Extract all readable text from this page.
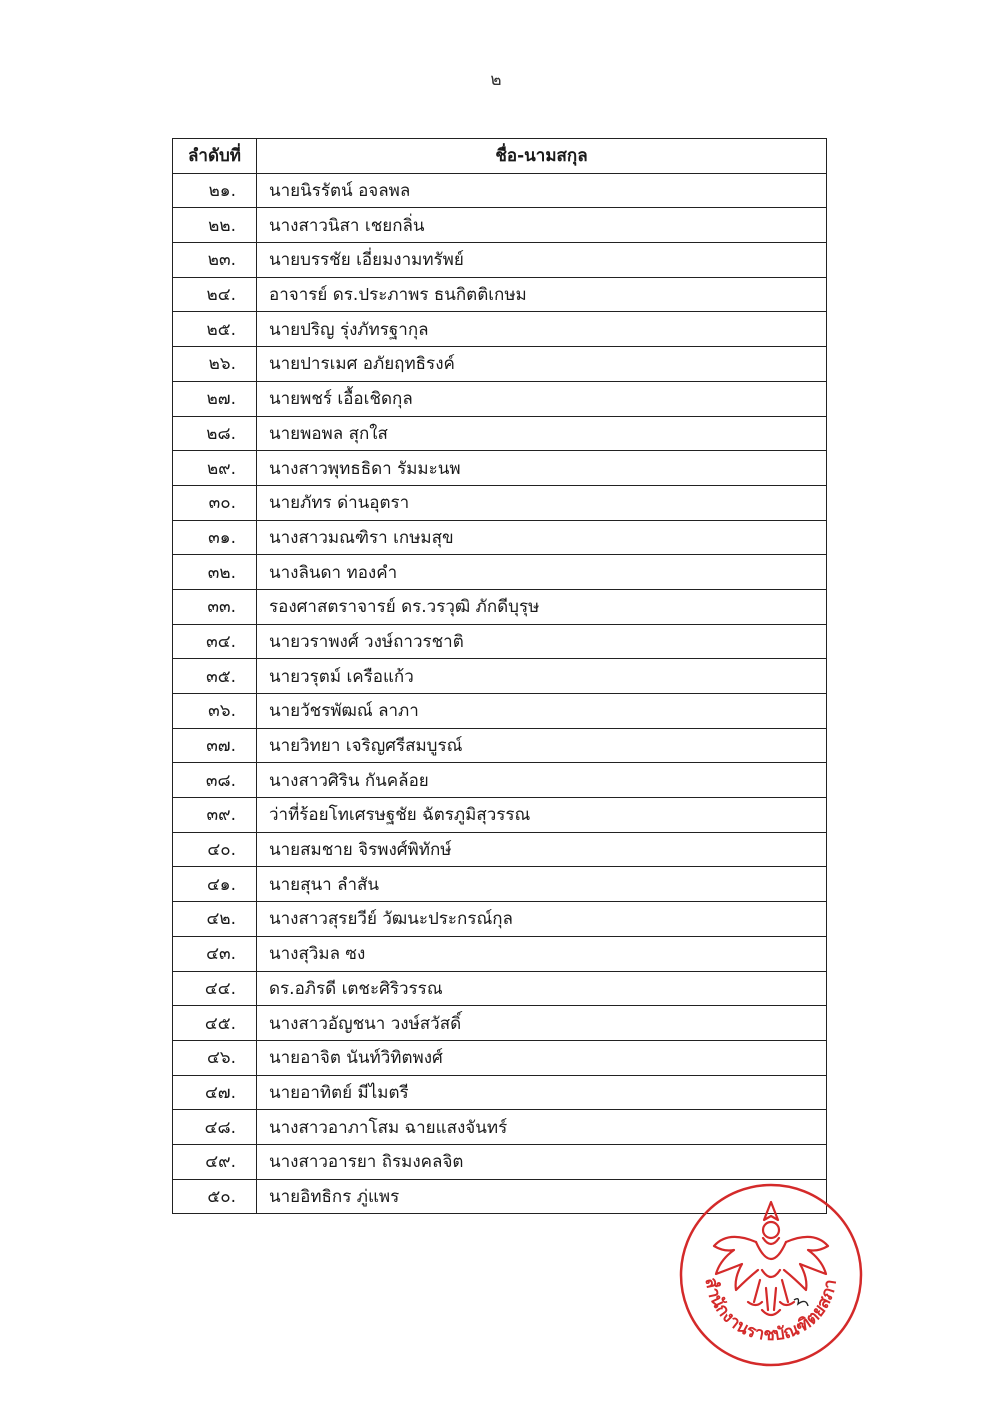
๒
ลำดับที่	ชื่อ-นามสกุล
๒๑.	นายนิรรัตน์ อจลพล
๒๒.	นางสาวนิสา เชยกลิ่น
๒๓.	นายบรรชัย เอี่ยมงามทรัพย์
๒๔.	อาจารย์ ดร.ประภาพร ธนกิตติเกษม
๒๕.	นายปริญ รุ่งภัทรฐากุล
๒๖.	นายปารเมศ อภัยฤทธิรงค์
๒๗.	นายพชร์ เอื้อเชิดกุล
๒๘.	นายพอพล สุกใส
๒๙.	นางสาวพุทธธิดา รัมมะนพ
๓๐.	นายภัทร ด่านอุตรา
๓๑.	นางสาวมณฑิรา เกษมสุข
๓๒.	นางลินดา ทองคำ
๓๓.	รองศาสตราจารย์ ดร.วรวุฒิ ภักดีบุรุษ
๓๔.	นายวราพงศ์ วงษ์ถาวรชาติ
๓๕.	นายวรุตม์ เครือแก้ว
๓๖.	นายวัชรพัฒณ์ ลาภา
๓๗.	นายวิทยา เจริญศรีสมบูรณ์
๓๘.	นางสาวศิริน กันคล้อย
๓๙.	ว่าที่ร้อยโทเศรษฐชัย ฉัตรภูมิสุวรรณ
๔๐.	นายสมชาย จิรพงศ์พิทักษ์
๔๑.	นายสุนา ลำสัน
๔๒.	นางสาวสุรยวีย์ วัฒนะประกรณ์กุล
๔๓.	นางสุวิมล ซง
๔๔.	ดร.อภิรดี เตชะศิริวรรณ
๔๕.	นางสาวอัญชนา วงษ์สวัสดิ์
๔๖.	นายอาจิต นันท์วิทิตพงศ์
๔๗.	นายอาทิตย์ มีไมตรี
๔๘.	นางสาวอาภาโสม ฉายแสงจันทร์
๔๙.	นางสาวอารยา ถิรมงคลจิต
๕๐.	นายอิทธิกร ภู่แพร
สำนักงานราชบัณฑิตยสภา
